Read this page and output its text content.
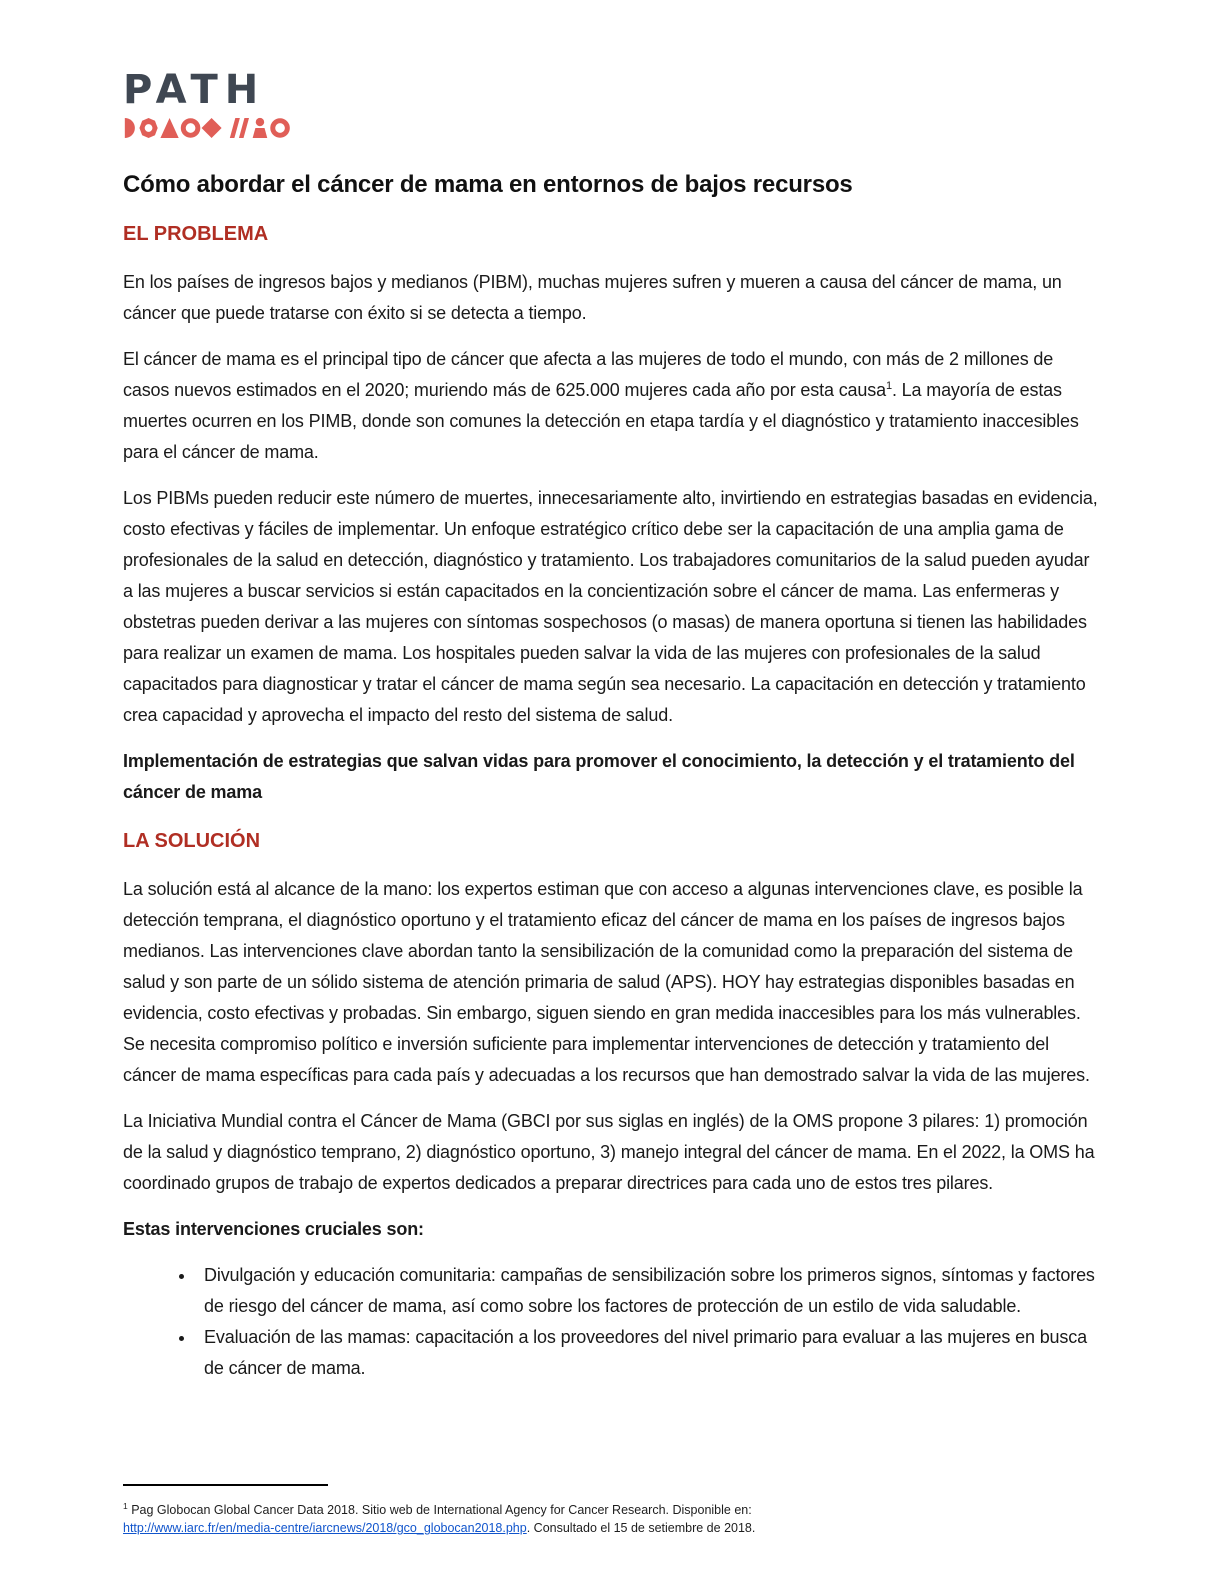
PATH
Cómo abordar el cáncer de mama en entornos de bajos recursos
EL PROBLEMA

En los países de ingresos bajos y medianos (PIBM), muchas mujeres sufren y mueren a causa del cáncer de mama, un cáncer que puede tratarse con éxito si se detecta a tiempo.

El cáncer de mama es el principal tipo de cáncer que afecta a las mujeres de todo el mundo, con más de 2 millones de casos nuevos estimados en el 2020; muriendo más de 625.000 mujeres cada año por esta causa$^1$. La mayoría de estas muertes ocurren en los PIMB, donde son comunes la detección en etapa tardía y el diagnóstico y tratamiento inaccesibles para el cáncer de mama.

Los PIBMs pueden reducir este número de muertes, innecesariamente alto, invirtiendo en estrategias basadas en evidencia, costo efectivas y fáciles de implementar. Un enfoque estratégico crítico debe ser la capacitación de una amplia gama de profesionales de la salud en detección, diagnóstico y tratamiento. Los trabajadores comunitarios de la salud pueden ayudar a las mujeres a buscar servicios si están capacitados en la concientización sobre el cáncer de mama. Las enfermeras y obstetras pueden derivar a las mujeres con síntomas sospechosos (o masas) de manera oportuna si tienen las habilidades para realizar un examen de mama. Los hospitales pueden salvar la vida de las mujeres con profesionales de la salud capacitados para diagnosticar y tratar el cáncer de mama según sea necesario. La capacitación en detección y tratamiento crea capacidad y aprovecha el impacto del resto del sistema de salud.

Implementación de estrategias que salvan vidas para promover el conocimiento, la detección y el tratamiento del cáncer de mama

LA SOLUCIÓN

La solución está al alcance de la mano: los expertos estiman que con acceso a algunas intervenciones clave, es posible la detección temprana, el diagnóstico oportuno y el tratamiento eficaz del cáncer de mama en los países de ingresos bajos medianos. Las intervenciones clave abordan tanto la sensibilización de la comunidad como la preparación del sistema de salud y son parte de un sólido sistema de atención primaria de salud (APS). HOY hay estrategias disponibles basadas en evidencia, costo efectivas y probadas. Sin embargo, siguen siendo en gran medida inaccesibles para los más vulnerables. Se necesita compromiso político e inversión suficiente para implementar intervenciones de detección y tratamiento del cáncer de mama específicas para cada país y adecuadas a los recursos que han demostrado salvar la vida de las mujeres.

La Iniciativa Mundial contra el Cáncer de Mama (GBCI por sus siglas en inglés) de la OMS propone 3 pilares: 1) promoción de la salud y diagnóstico temprano, 2) diagnóstico oportuno, 3) manejo integral del cáncer de mama. En el 2022, la OMS ha coordinado grupos de trabajo de expertos dedicados a preparar directrices para cada uno de estos tres pilares.

Estas intervenciones cruciales son:

• Divulgación y educación comunitaria: campañas de sensibilización sobre los primeros signos, síntomas y factores de riesgo del cáncer de mama, así como sobre los factores de protección de un estilo de vida saludable.
• Evaluación de las mamas: capacitación a los proveedores del nivel primario para evaluar a las mujeres en busca de cáncer de mama.
$^1$ Pag Globocan Global Cancer Data 2018. Sitio web de International Agency for Cancer Research. Disponible en:
http://www.iarc.fr/en/media-centre/iarcnews/2018/gco_globocan2018.php. Consultado el 15 de setiembre de 2018.
